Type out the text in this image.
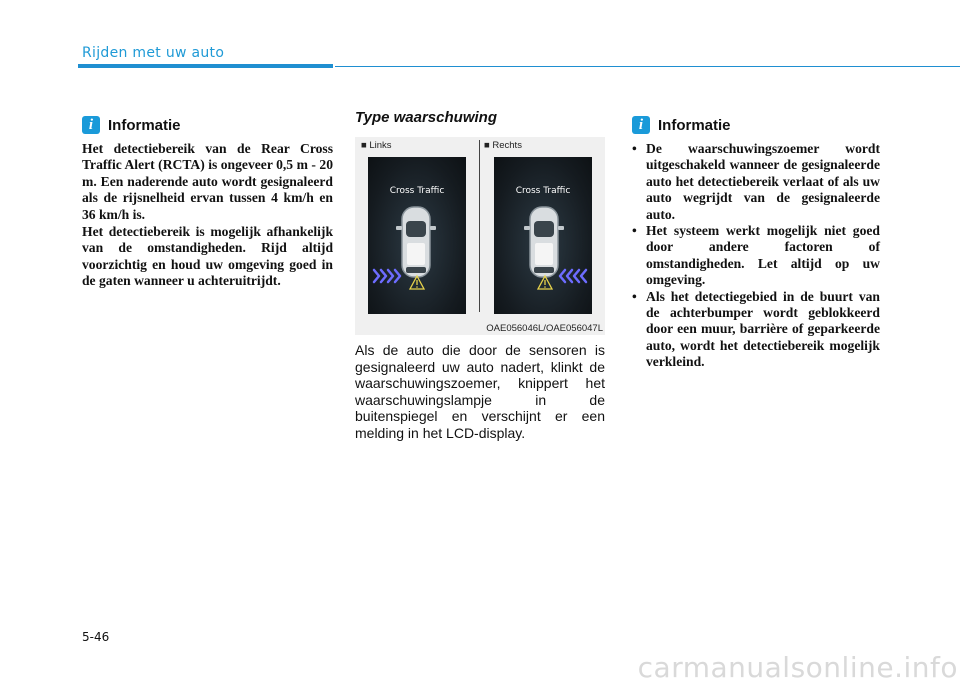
Rijden met uw auto
i Informatie

Het detectiebereik van de Rear Cross Traffic Alert (RCTA) is ongeveer 0,5 m - 20 m. Een naderende auto wordt gesignaleerd als de rijsnelheid ervan tussen 4 km/h en 36 km/h is.

Het detectiebereik is mogelijk afhankelijk van de omstandigheden. Rijd altijd voorzichtig en houd uw omgeving goed in de gaten wanneer u achteruitrijdt.

Type waarschuwing
■ Links	■ Rechts
Cross Traffic	Cross Traffic
OAE056046L/OAE056047L

Als de auto die door de sensoren is gesignaleerd uw auto nadert, klinkt de waarschuwingszoemer, knippert het waarschuwingslampje in de buitenspiegel en verschijnt er een melding in het LCD-display.

i Informatie
• De waarschuwingszoemer wordt uitgeschakeld wanneer de gesignaleerde auto het detectiebereik verlaat of als uw auto wegrijdt van de gesignaleerde auto.
• Het systeem werkt mogelijk niet goed door andere factoren of omstandigheden. Let altijd op uw omgeving.
• Als het detectiegebied in de buurt van de achterbumper wordt geblokkeerd door een muur, barrière of geparkeerde auto, wordt het detectiebereik mogelijk verkleind.
5-46
carmanualsonline.info
